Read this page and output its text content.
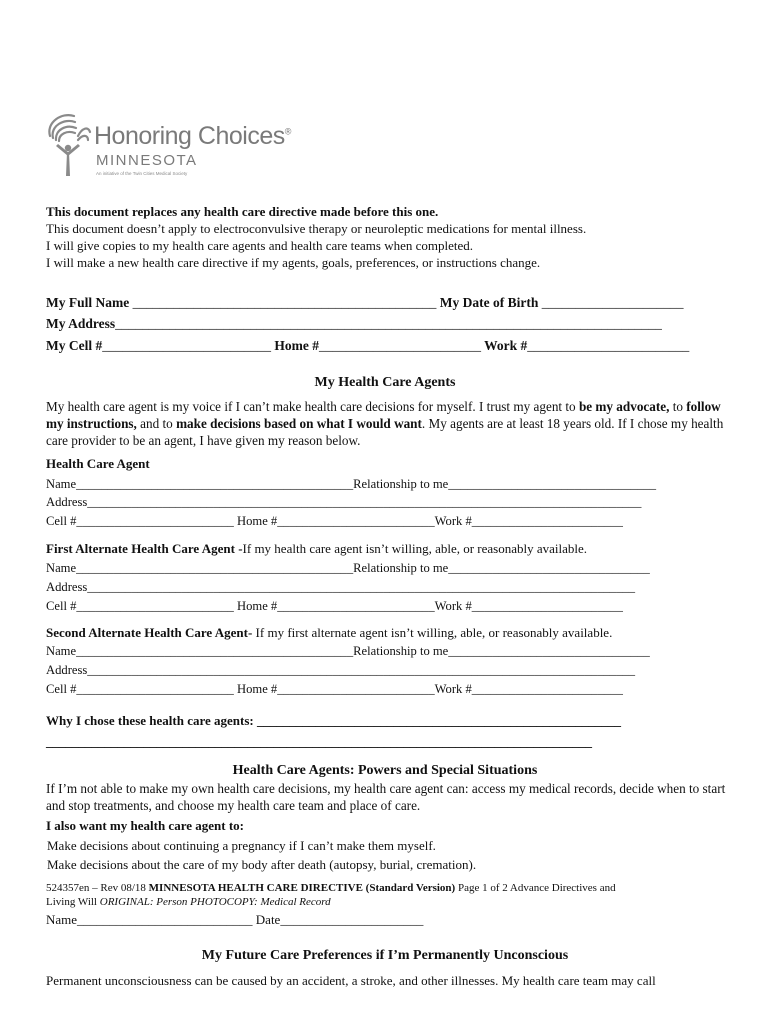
Honoring Choices®
MINNESOTA
An initiative of the Twin Cities Medical Society
This document replaces any health care directive made before this one.
This document doesn’t apply to electroconvulsive therapy or neuroleptic medications for mental illness.
I will give copies to my health care agents and health care teams when completed.
I will make a new health care directive if my agents, goals, preferences, or instructions change.
My Full Name _____________________________________________ My Date of Birth _____________________
My Address_________________________________________________________________________________
My Cell #_________________________ Home #________________________ Work #________________________
My Health Care Agents
My health care agent is my voice if I can’t make health care decisions for myself. I trust my agent to be my advocate, to follow my instructions, and to make decisions based on what I would want. My agents are at least 18 years old. If I chose my health care provider to be an agent, I have given my reason below.
Health Care Agent
Name____________________________________________Relationship to me_________________________________
Address________________________________________________________________________________________
Cell #_________________________ Home #_________________________Work #________________________
First Alternate Health Care Agent -If my health care agent isn’t willing, able, or reasonably available.
Name____________________________________________Relationship to me________________________________
Address_______________________________________________________________________________________
Cell #_________________________ Home #_________________________Work #________________________
Second Alternate Health Care Agent- If my first alternate agent isn’t willing, able, or reasonably available.
Name____________________________________________Relationship to me________________________________
Address_______________________________________________________________________________________
Cell #_________________________ Home #_________________________Work #________________________
Why I chose these health care agents: ________________________________________________________
____________________________________________________________________________________
Health Care Agents: Powers and Special Situations
If I’m not able to make my own health care decisions, my health care agent can: access my medical records, decide when to start and stop treatments, and choose my health care team and place of care.
I also want my health care agent to:
Make decisions about continuing a pregnancy if I can’t make them myself.
Make decisions about the care of my body after death (autopsy, burial, cremation).
524357en – Rev 08/18 MINNESOTA HEALTH CARE DIRECTIVE (Standard Version) Page 1 of 2 Advance Directives and
Living Will ORIGINAL: Person PHOTOCOPY: Medical Record
Name___________________________ Date______________________
My Future Care Preferences if I’m Permanently Unconscious
Permanent unconsciousness can be caused by an accident, a stroke, and other illnesses. My health care team may call
